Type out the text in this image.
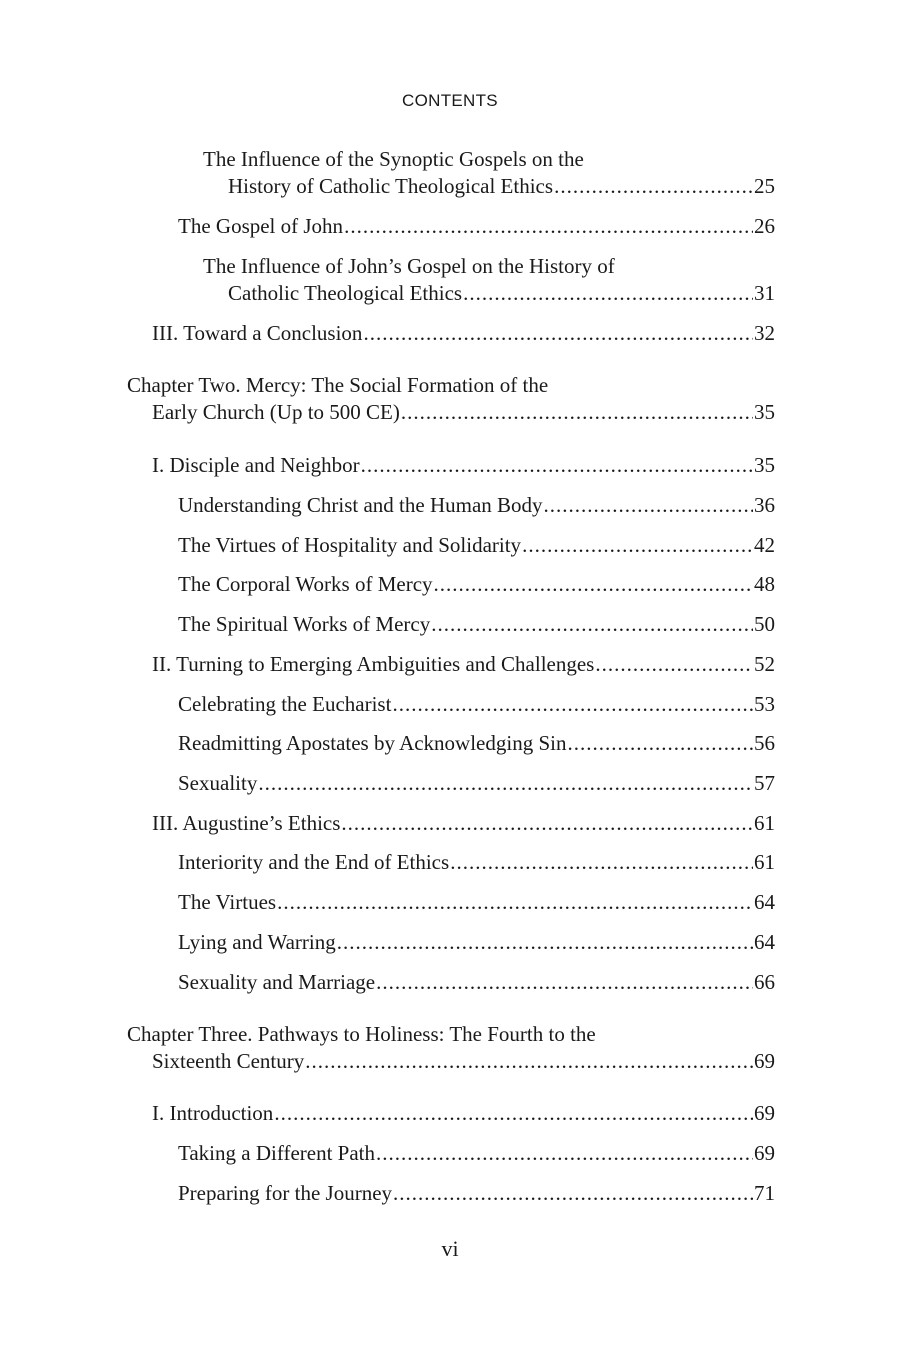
CONTENTS
The Influence of the Synoptic Gospels on the
History of Catholic Theological Ethics .....	25
The Gospel of John .....	26
The Influence of John’s Gospel on the History of
Catholic Theological Ethics .....	31
III. Toward a Conclusion .....	32
Chapter Two. Mercy: The Social Formation of the
Early Church (Up to 500 CE) .....	35
I. Disciple and Neighbor .....	35
Understanding Christ and the Human Body .....	36
The Virtues of Hospitality and Solidarity .....	42
The Corporal Works of Mercy .....	48
The Spiritual Works of Mercy .....	50
II. Turning to Emerging Ambiguities and Challenges .....	52
Celebrating the Eucharist .....	53
Readmitting Apostates by Acknowledging Sin .....	56
Sexuality .....	57
III. Augustine’s Ethics .....	61
Interiority and the End of Ethics .....	61
The Virtues .....	64
Lying and Warring .....	64
Sexuality and Marriage .....	66
Chapter Three. Pathways to Holiness: The Fourth to the
Sixteenth Century .....	69
I. Introduction .....	69
Taking a Different Path .....	69
Preparing for the Journey .....	71
vi
